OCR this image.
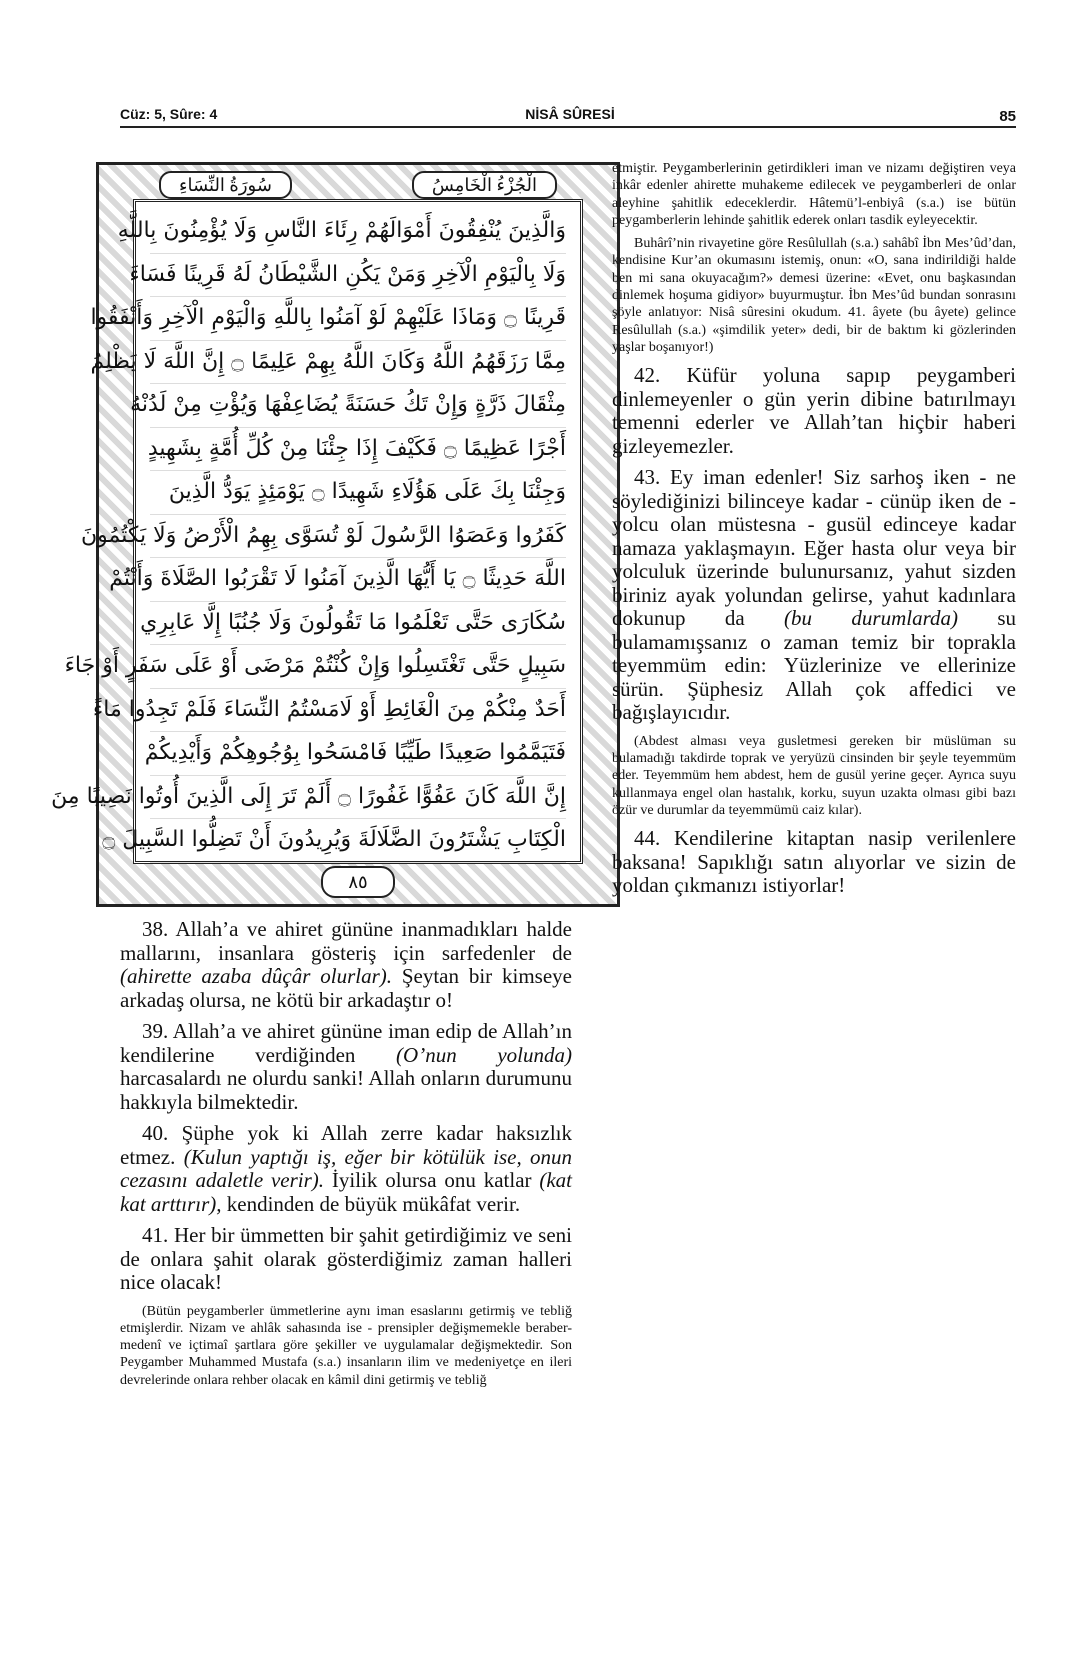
Cüz: 5, Sûre: 4	NİSÂ SÛRESİ	85
سُورَةُ النِّسَاءِ	الْجُزْءُ الْخَامِسُ
وَالَّذِينَ يُنْفِقُونَ أَمْوَالَهُمْ رِئَاءَ النَّاسِ وَلَا يُؤْمِنُونَ بِاللَّهِ
وَلَا بِالْيَوْمِ الْآخِرِ وَمَنْ يَكُنِ الشَّيْطَانُ لَهُ قَرِينًا فَسَاءَ
قَرِينًا ۝ وَمَاذَا عَلَيْهِمْ لَوْ آمَنُوا بِاللَّهِ وَالْيَوْمِ الْآخِرِ وَأَنْفَقُوا
مِمَّا رَزَقَهُمُ اللَّهُ وَكَانَ اللَّهُ بِهِمْ عَلِيمًا ۝ إِنَّ اللَّهَ لَا يَظْلِمُ
مِثْقَالَ ذَرَّةٍ وَإِنْ تَكُ حَسَنَةً يُضَاعِفْهَا وَيُؤْتِ مِنْ لَدُنْهُ
أَجْرًا عَظِيمًا ۝ فَكَيْفَ إِذَا جِئْنَا مِنْ كُلِّ أُمَّةٍ بِشَهِيدٍ
وَجِئْنَا بِكَ عَلَى هَؤُلَاءِ شَهِيدًا ۝ يَوْمَئِذٍ يَوَدُّ الَّذِينَ
كَفَرُوا وَعَصَوُا الرَّسُولَ لَوْ تُسَوَّى بِهِمُ الْأَرْضُ وَلَا يَكْتُمُونَ
اللَّهَ حَدِيثًا ۝ يَا أَيُّهَا الَّذِينَ آمَنُوا لَا تَقْرَبُوا الصَّلَاةَ وَأَنْتُمْ
سُكَارَى حَتَّى تَعْلَمُوا مَا تَقُولُونَ وَلَا جُنُبًا إِلَّا عَابِرِي
سَبِيلٍ حَتَّى تَغْتَسِلُوا وَإِنْ كُنْتُمْ مَرْضَى أَوْ عَلَى سَفَرٍ أَوْ جَاءَ
أَحَدٌ مِنْكُمْ مِنَ الْغَائِطِ أَوْ لَامَسْتُمُ النِّسَاءَ فَلَمْ تَجِدُوا مَاءً
فَتَيَمَّمُوا صَعِيدًا طَيِّبًا فَامْسَحُوا بِوُجُوهِكُمْ وَأَيْدِيكُمْ
إِنَّ اللَّهَ كَانَ عَفُوًّا غَفُورًا ۝ أَلَمْ تَرَ إِلَى الَّذِينَ أُوتُوا نَصِيبًا مِنَ
الْكِتَابِ يَشْتَرُونَ الضَّلَالَةَ وَيُرِيدُونَ أَنْ تَضِلُّوا السَّبِيلَ ۝
٨٥

38. Allah’a ve ahiret gününe inanmadıkları halde mallarını, insanlara gösteriş için sarfedenler de (ahirette azaba dûçâr olurlar). Şeytan bir kimseye arkadaş olursa, ne kötü bir arkadaştır o!

39. Allah’a ve ahiret gününe iman edip de Allah’ın kendilerine verdiğinden (O’nun yolunda) harcasalardı ne olurdu sanki! Allah onların durumunu hakkıyla bilmektedir.

40. Şüphe yok ki Allah zerre kadar haksızlık etmez. (Kulun yaptığı iş, eğer bir kötülük ise, onun cezasını adaletle verir). İyilik olursa onu katlar (kat kat arttırır), kendinden de büyük mükâfat verir.

41. Her bir ümmetten bir şahit getirdiğimiz ve seni de onlara şahit olarak gösterdiğimiz zaman halleri nice olacak!

(Bütün peygamberler ümmetlerine aynı iman esaslarını getirmiş ve tebliğ etmişlerdir. Nizam ve ahlâk sahasında ise - prensipler değişmemekle beraber- medenî ve içtimaî şartlara göre şekiller ve uygulamalar değişmektedir. Son Peygamber Muhammed Mustafa (s.a.) insanların ilim ve medeniyetçe en ileri devrelerinde onlara rehber olacak en kâmil dini getirmiş ve tebliğ

etmiştir. Peygamberlerinin getirdikleri iman ve nizamı değiştiren veya inkâr edenler ahirette muhakeme edilecek ve peygamberleri de onlar aleyhine şahitlik edeceklerdir. Hâtemü’l-enbiyâ (s.a.) ise bütün peygamberlerin lehinde şahitlik ederek onları tasdik eyleyecektir.

Buhârî’nin rivayetine göre Resûlullah (s.a.) sahâbî İbn Mes’ûd’dan, kendisine Kur’an okumasını istemiş, onun: «O, sana indirildiği halde ben mi sana okuyacağım?» demesi üzerine: «Evet, onu başkasından dinlemek hoşuma gidiyor» buyurmuştur. İbn Mes’ûd bundan sonrasını şöyle anlatıyor: Nisâ sûresini okudum. 41. âyete (bu âyete) gelince Resûlullah (s.a.) «şimdilik yeter» dedi, bir de baktım ki gözlerinden yaşlar boşanıyor!)

42. Küfür yoluna sapıp peygamberi dinlemeyenler o gün yerin dibine batırılmayı temenni ederler ve Allah’tan hiçbir haberi gizleyemezler.

43. Ey iman edenler! Siz sarhoş iken - ne söylediğinizi bilinceye kadar - cünüp iken de - yolcu olan müstesna - gusül edinceye kadar namaza yaklaşmayın. Eğer hasta olur veya bir yolculuk üzerinde bulunursanız, yahut sizden biriniz ayak yolundan gelirse, yahut kadınlara dokunup da (bu durumlarda) su bulamamışsanız o zaman temiz bir toprakla teyemmüm edin: Yüzlerinize ve ellerinize sürün. Şüphesiz Allah çok affedici ve bağışlayıcıdır.

(Abdest alması veya gusletmesi gereken bir müslüman su bulamadığı takdirde toprak ve yeryüzü cinsinden bir şeyle teyemmüm eder. Teyemmüm hem abdest, hem de gusül yerine geçer. Ayrıca suyu kullanmaya engel olan hastalık, korku, suyun uzakta olması gibi bazı özür ve durumlar da teyemmümü caiz kılar).

44. Kendilerine kitaptan nasip verilenlere baksana! Sapıklığı satın alıyorlar ve sizin de yoldan çıkmanızı istiyorlar!
